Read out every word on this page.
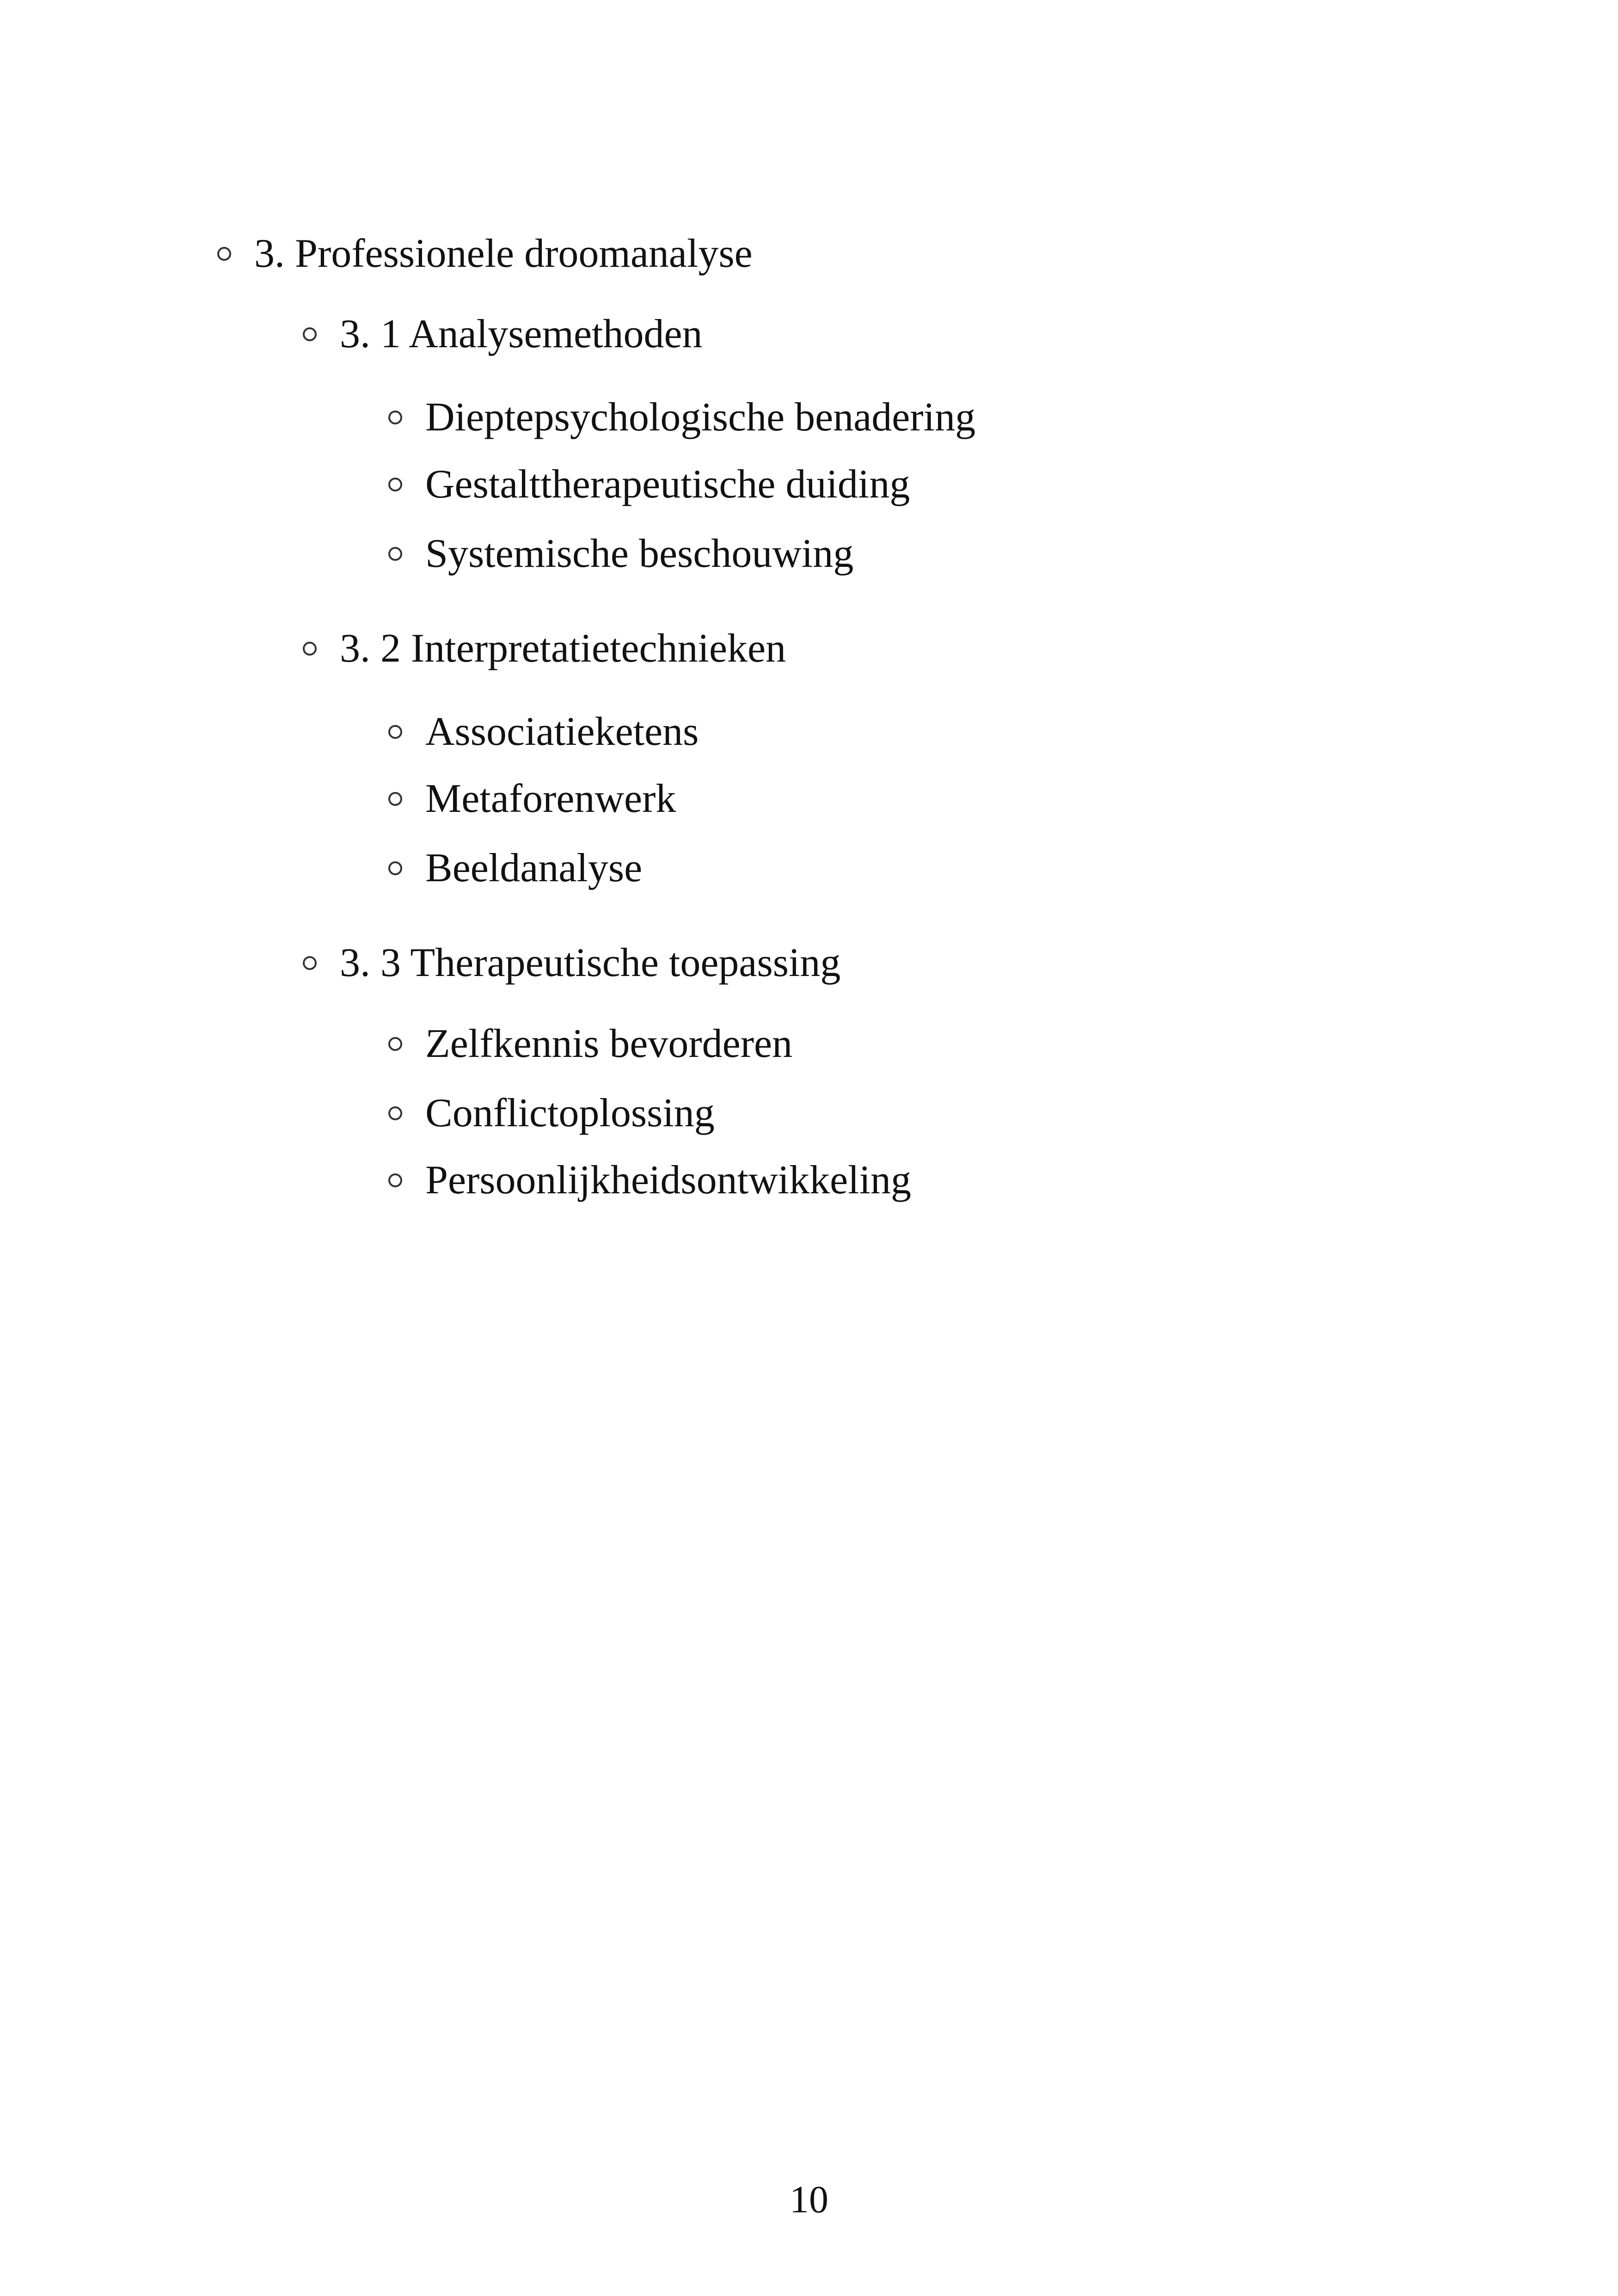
3. Professionele droomanalyse
3. 1 Analysemethoden
Dieptepsychologische benadering
Gestalttherapeutische duiding
Systemische beschouwing
3. 2 Interpretatietechnieken
Associatieketens
Metaforenwerk
Beeldanalyse
3. 3 Therapeutische toepassing
Zelfkennis bevorderen
Conflictoplossing
Persoonlijkheidsontwikkeling
10
